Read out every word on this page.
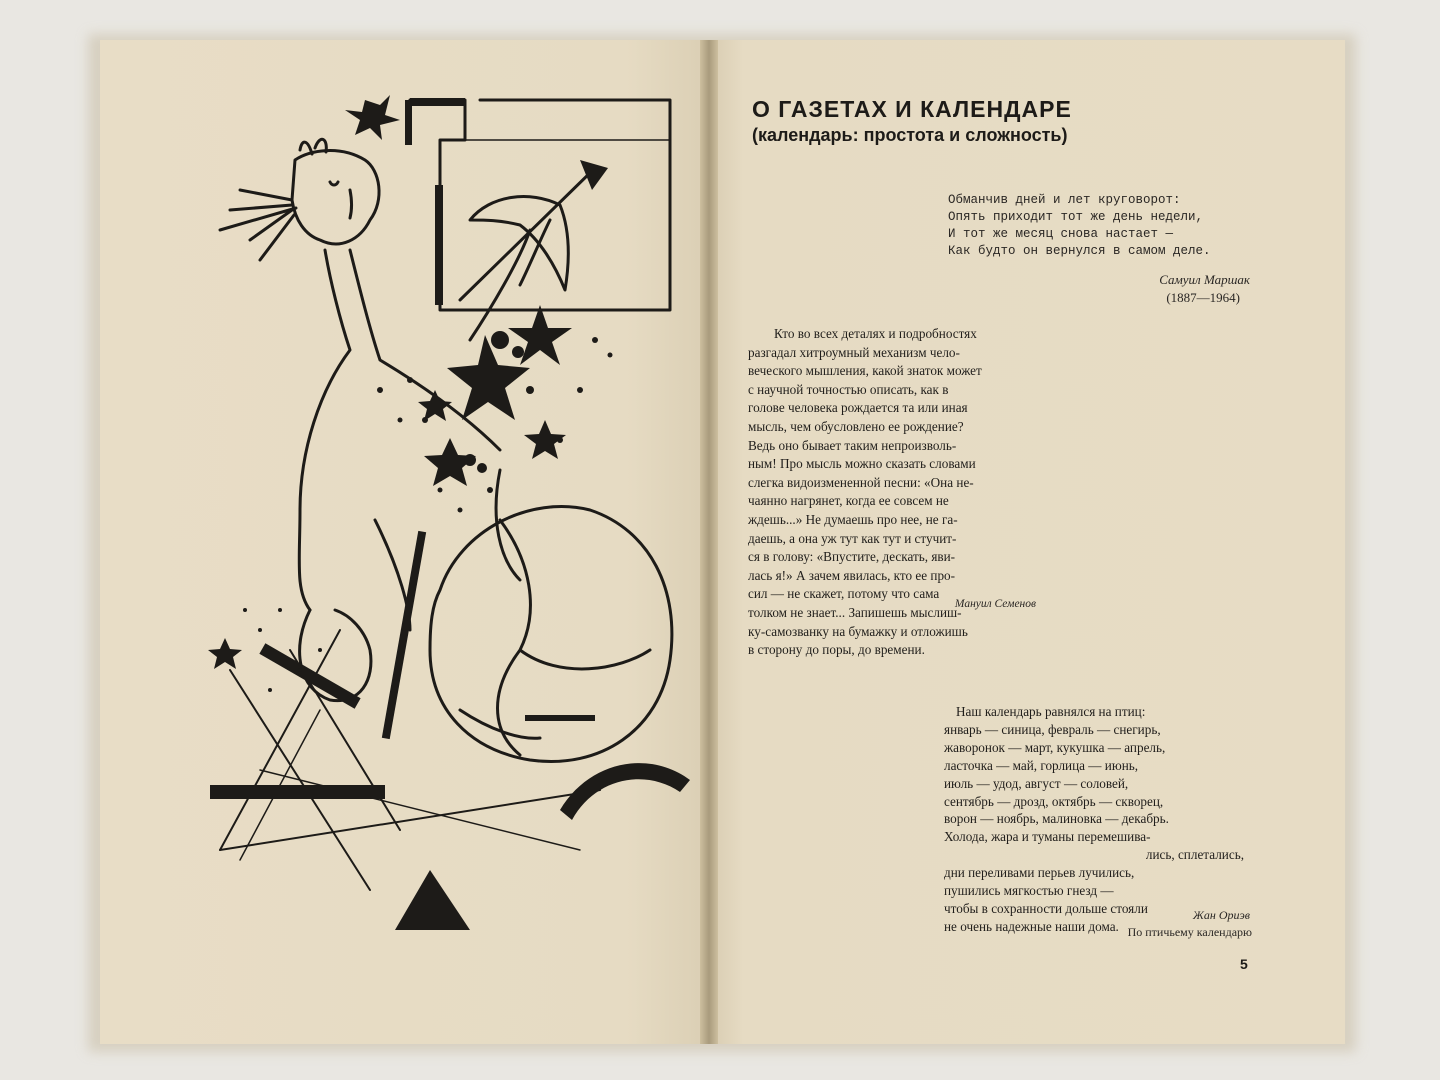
О ГАЗЕТАХ И КАЛЕНДАРЕ
(календарь: простота и сложность)
Обманчив дней и лет круговорот:
Опять приходит тот же день недели,
И тот же месяц снова настает —
Как будто он вернулся в самом деле.
Самуил Маршак
(1887—1964)
Кто во всех деталях и подробностях
разгадал хитроумный механизм чело-
веческого мышления, какой знаток может
с научной точностью описать, как в
голове человека рождается та или иная
мысль, чем обусловлено ее рождение?
Ведь оно бывает таким непроизволь-
ным! Про мысль можно сказать словами
слегка видоизмененной песни: «Она не-
чаянно нагрянет, когда ее совсем не
ждешь...» Не думаешь про нее, не га-
даешь, а она уж тут как тут и стучит-
ся в голову: «Впустите, дескать, яви-
лась я!» А зачем явилась, кто ее про-
сил — не скажет, потому что сама
толком не знает... Запишешь мыслиш-
ку-самозванку на бумажку и отложишь
в сторону до поры, до времени.
Мануил Семенов
Наш календарь равнялся на птиц:
январь — синица, февраль — снегирь,
жаворонок — март, кукушка — апрель,
ласточка — май, горлица — июнь,
июль — удод, август — соловей,
сентябрь — дрозд, октябрь — скворец,
ворон — ноябрь, малиновка — декабрь.
Холода, жара и туманы перемешива-
лись, сплетались,
дни переливами перьев лучились,
пушились мягкостью гнезд —
чтобы в сохранности дольше стояли
не очень надежные наши дома.
Жан Ориэв
По птичьему календарю
5
